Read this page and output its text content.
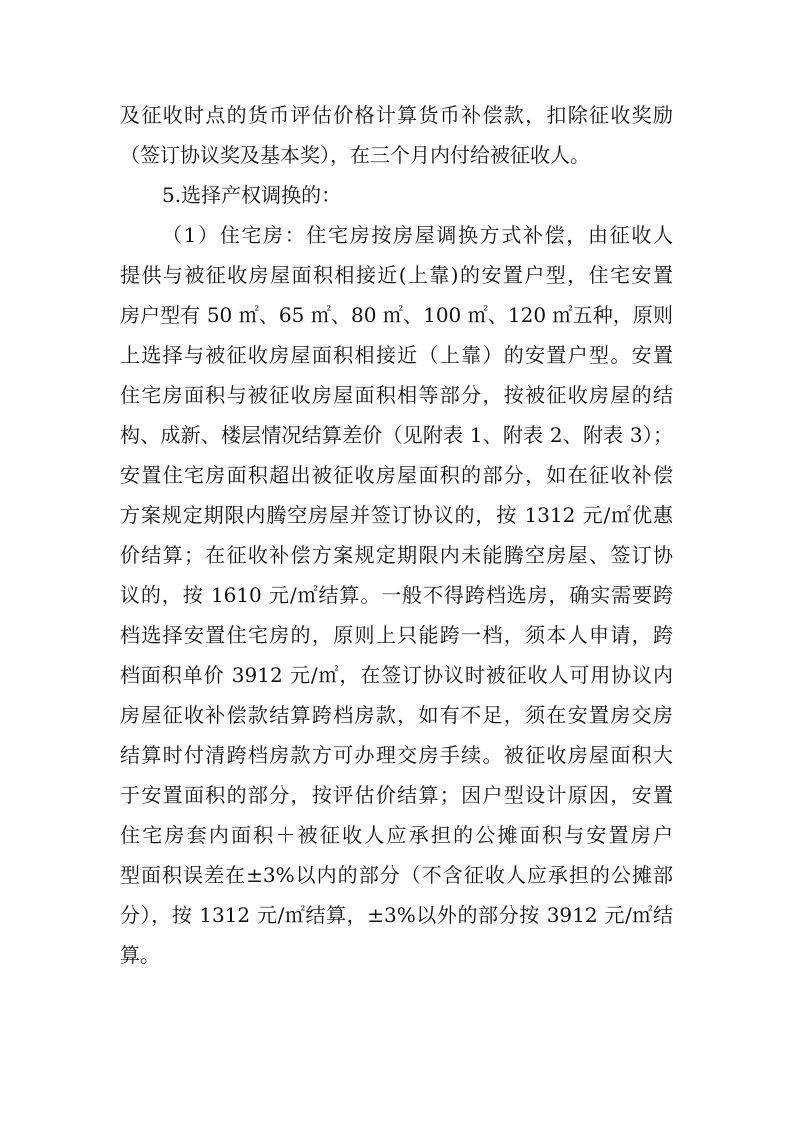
及征收时点的货币评估价格计算货币补偿款，扣除征收奖励
（签订协议奖及基本奖），在三个月内付给被征收人。
5.选择产权调换的：
（1）住宅房：住宅房按房屋调换方式补偿，由征收人
提供与被征收房屋面积相接近(上靠)的安置户型，住宅安置
房户型有 50 ㎡、65 ㎡、80 ㎡、100 ㎡、120 ㎡五种，原则
上选择与被征收房屋面积相接近（上靠）的安置户型。安置
住宅房面积与被征收房屋面积相等部分，按被征收房屋的结
构、成新、楼层情况结算差价（见附表 1、附表 2、附表 3）；
安置住宅房面积超出被征收房屋面积的部分，如在征收补偿
方案规定期限内腾空房屋并签订协议的，按 1312 元/㎡优惠
价结算；在征收补偿方案规定期限内未能腾空房屋、签订协
议的，按 1610 元/㎡结算。一般不得跨档选房，确实需要跨
档选择安置住宅房的，原则上只能跨一档，须本人申请，跨
档面积单价 3912 元/㎡，在签订协议时被征收人可用协议内
房屋征收补偿款结算跨档房款，如有不足，须在安置房交房
结算时付清跨档房款方可办理交房手续。被征收房屋面积大
于安置面积的部分，按评估价结算；因户型设计原因，安置
住宅房套内面积＋被征收人应承担的公摊面积与安置房户
型面积误差在±3%以内的部分（不含征收人应承担的公摊部
分），按 1312 元/㎡结算，±3%以外的部分按 3912 元/㎡结
算。
